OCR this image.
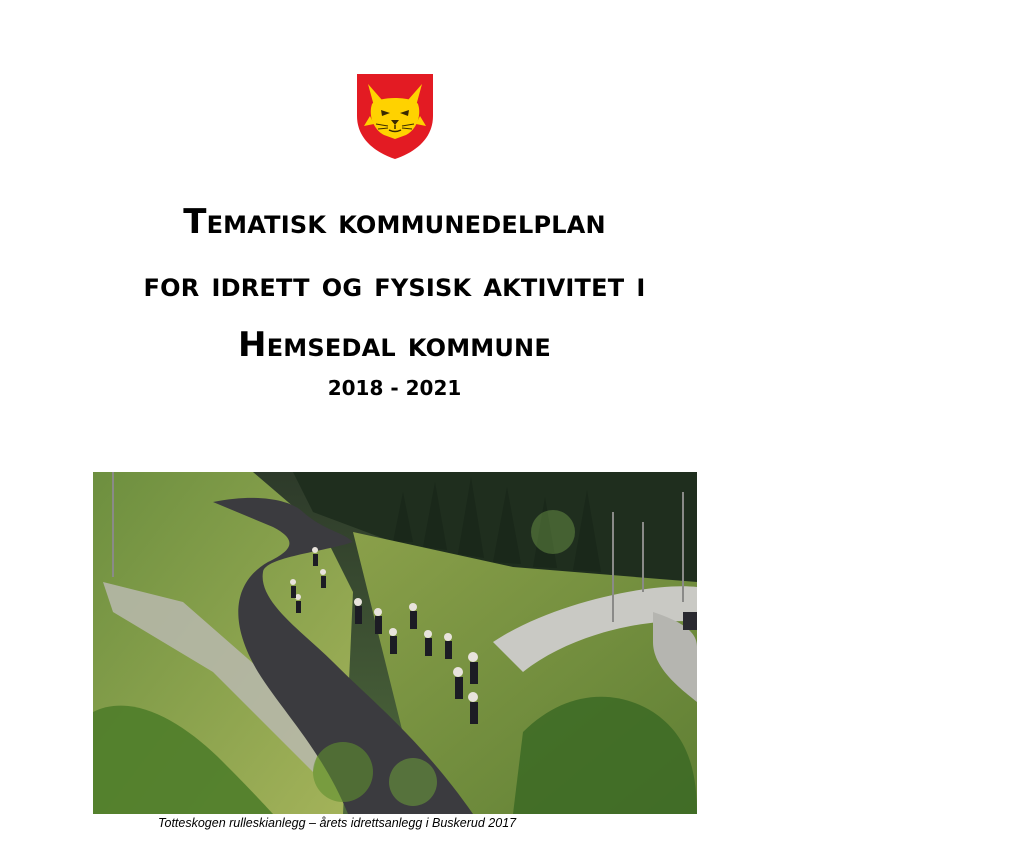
Tematisk kommunedelplan
for idrett og fysisk aktivitet i
Hemsedal kommune
2018 - 2021
Totteskogen rulleskianlegg – årets idrettsanlegg i Buskerud 2017
